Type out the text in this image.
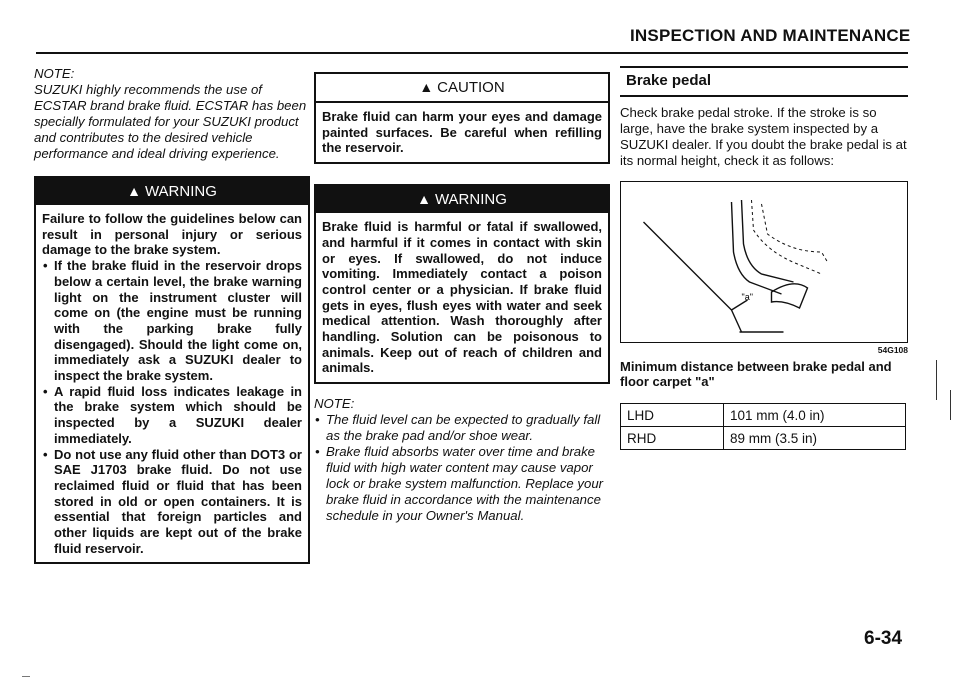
INSPECTION AND MAINTENANCE

NOTE:

SUZUKI highly recommends the use of ECSTAR brand brake fluid. ECSTAR has been specially formulated for your SUZUKI product and contributes to the desired vehicle performance and ideal driving experience.

▲ WARNING
Failure to follow the guidelines below can result in personal injury or serious damage to the brake system.
• If the brake fluid in the reservoir drops below a certain level, the brake warning light on the instrument cluster will come on (the engine must be running with the parking brake fully disengaged). Should the light come on, immediately ask a SUZUKI dealer to inspect the brake system.
• A rapid fluid loss indicates leakage in the brake system which should be inspected by a SUZUKI dealer immediately.
• Do not use any fluid other than DOT3 or SAE J1703 brake fluid. Do not use reclaimed fluid or fluid that has been stored in old or open containers. It is essential that foreign particles and other liquids are kept out of the brake fluid reservoir.
▲ CAUTION
Brake fluid can harm your eyes and damage painted surfaces. Be careful when refilling the reservoir.
▲ WARNING
Brake fluid is harmful or fatal if swallowed, and harmful if it comes in contact with skin or eyes. If swallowed, do not induce vomiting. Immediately contact a poison control center or a physician. If brake fluid gets in eyes, flush eyes with water and seek medical attention. Wash thoroughly after handling. Solution can be poisonous to animals. Keep out of reach of children and animals.

NOTE:

• The fluid level can be expected to gradually fall as the brake pad and/or shoe wear.
• Brake fluid absorbs water over time and brake fluid with high water content may cause vapor lock or brake system malfunction. Replace your brake fluid in accordance with the maintenance schedule in your Owner's Manual.
Brake pedal
Check brake pedal stroke. If the stroke is so large, have the brake system inspected by a SUZUKI dealer. If you doubt the brake pedal is at its normal height, check it as follows:
"a"
54G108
Minimum distance between brake pedal and floor carpet "a"
LHD	101 mm (4.0 in)
RHD	89 mm (3.5 in)
6-34
